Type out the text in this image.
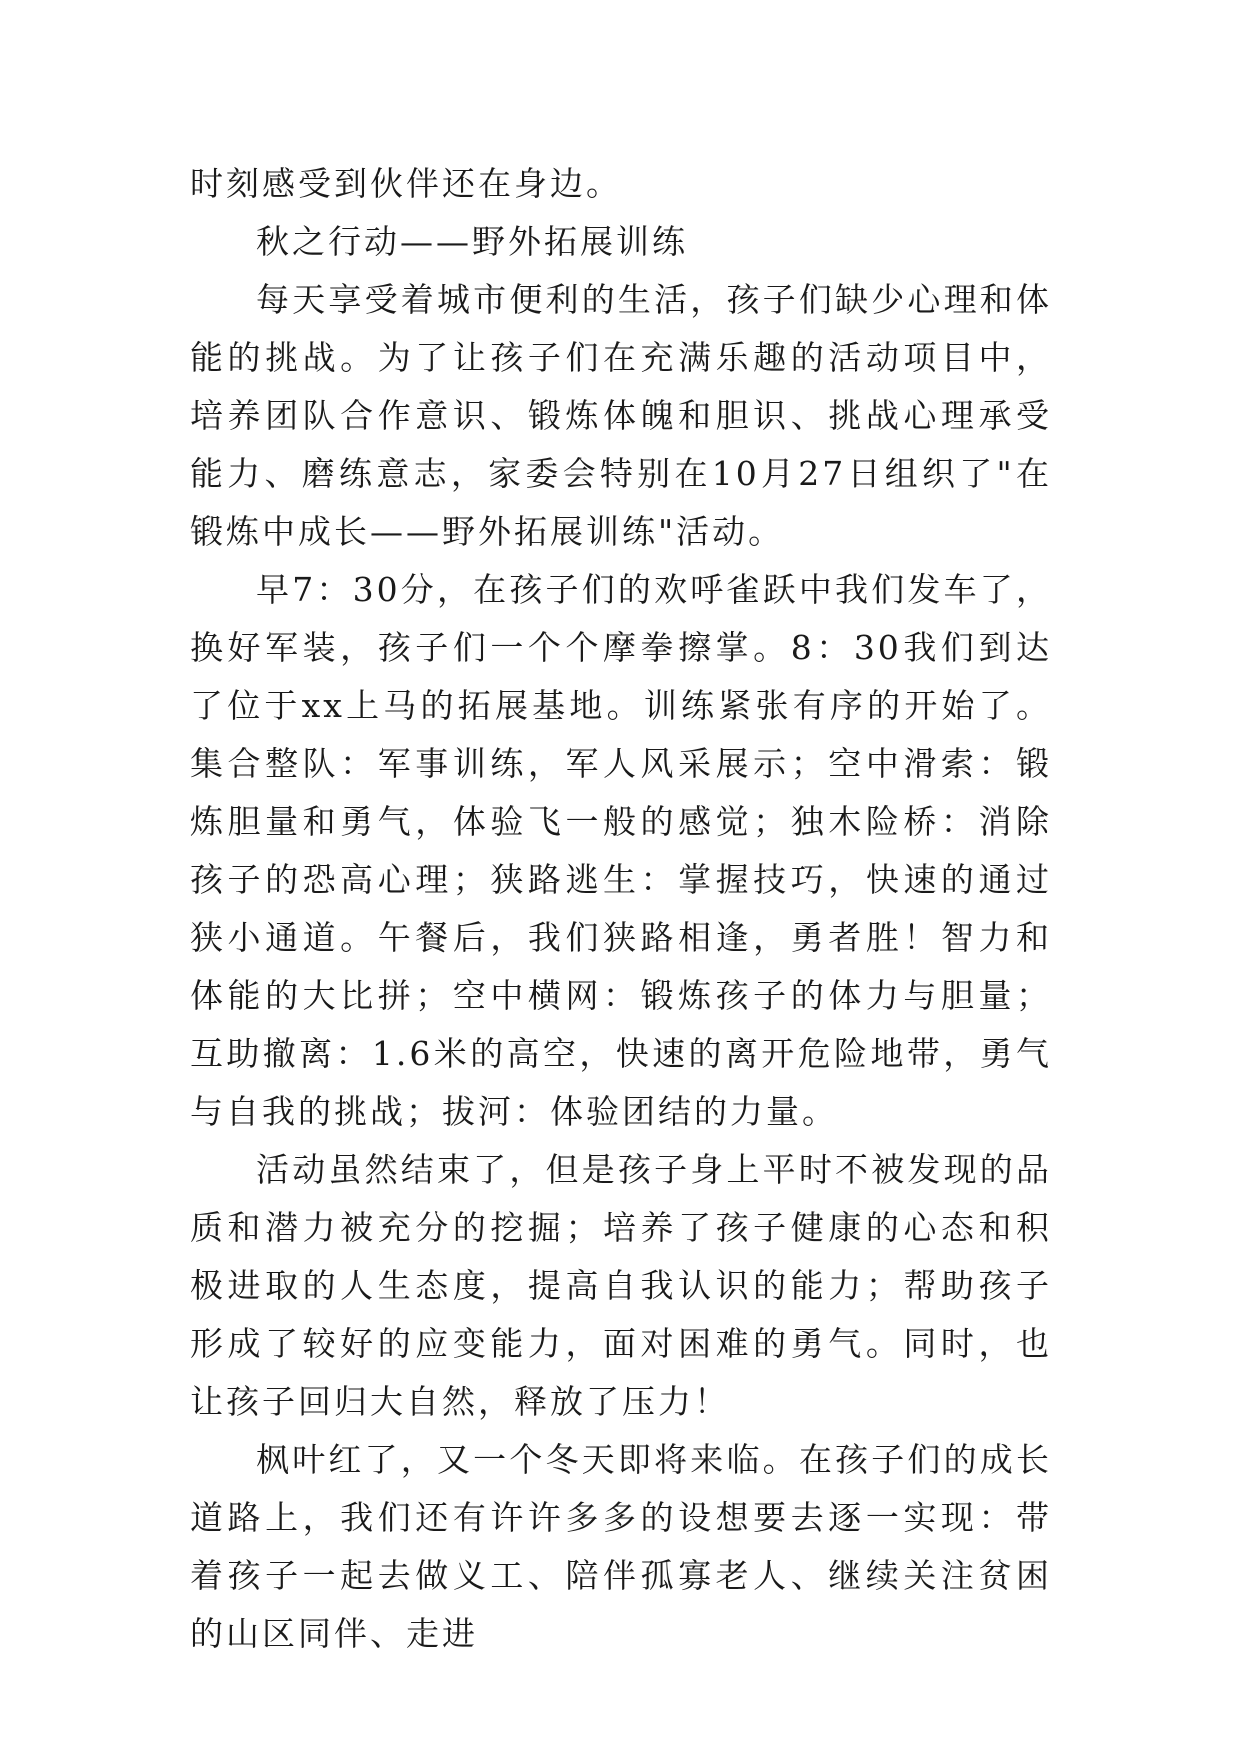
时刻感受到伙伴还在身边。

秋之行动——野外拓展训练

每天享受着城市便利的生活，孩子们缺少心理和体能的挑战。为了让孩子们在充满乐趣的活动项目中，培养团队合作意识、锻炼体魄和胆识、挑战心理承受能力、磨练意志，家委会特别在10月27日组织了"在锻炼中成长——野外拓展训练"活动。

早7：30分，在孩子们的欢呼雀跃中我们发车了，换好军装，孩子们一个个摩拳擦掌。8：30我们到达了位于xx上马的拓展基地。训练紧张有序的开始了。集合整队：军事训练，军人风采展示；空中滑索：锻炼胆量和勇气，体验飞一般的感觉；独木险桥：消除孩子的恐高心理；狭路逃生：掌握技巧，快速的通过狭小通道。午餐后，我们狭路相逢，勇者胜！智力和体能的大比拼；空中横网：锻炼孩子的体力与胆量；互助撤离：1.6米的高空，快速的离开危险地带，勇气与自我的挑战；拔河：体验团结的力量。

活动虽然结束了，但是孩子身上平时不被发现的品质和潜力被充分的挖掘；培养了孩子健康的心态和积极进取的人生态度，提高自我认识的能力；帮助孩子形成了较好的应变能力，面对困难的勇气。同时，也让孩子回归大自然，释放了压力！

枫叶红了，又一个冬天即将来临。在孩子们的成长道路上，我们还有许许多多的设想要去逐一实现：带着孩子一起去做义工、陪伴孤寡老人、继续关注贫困的山区同伴、走进
